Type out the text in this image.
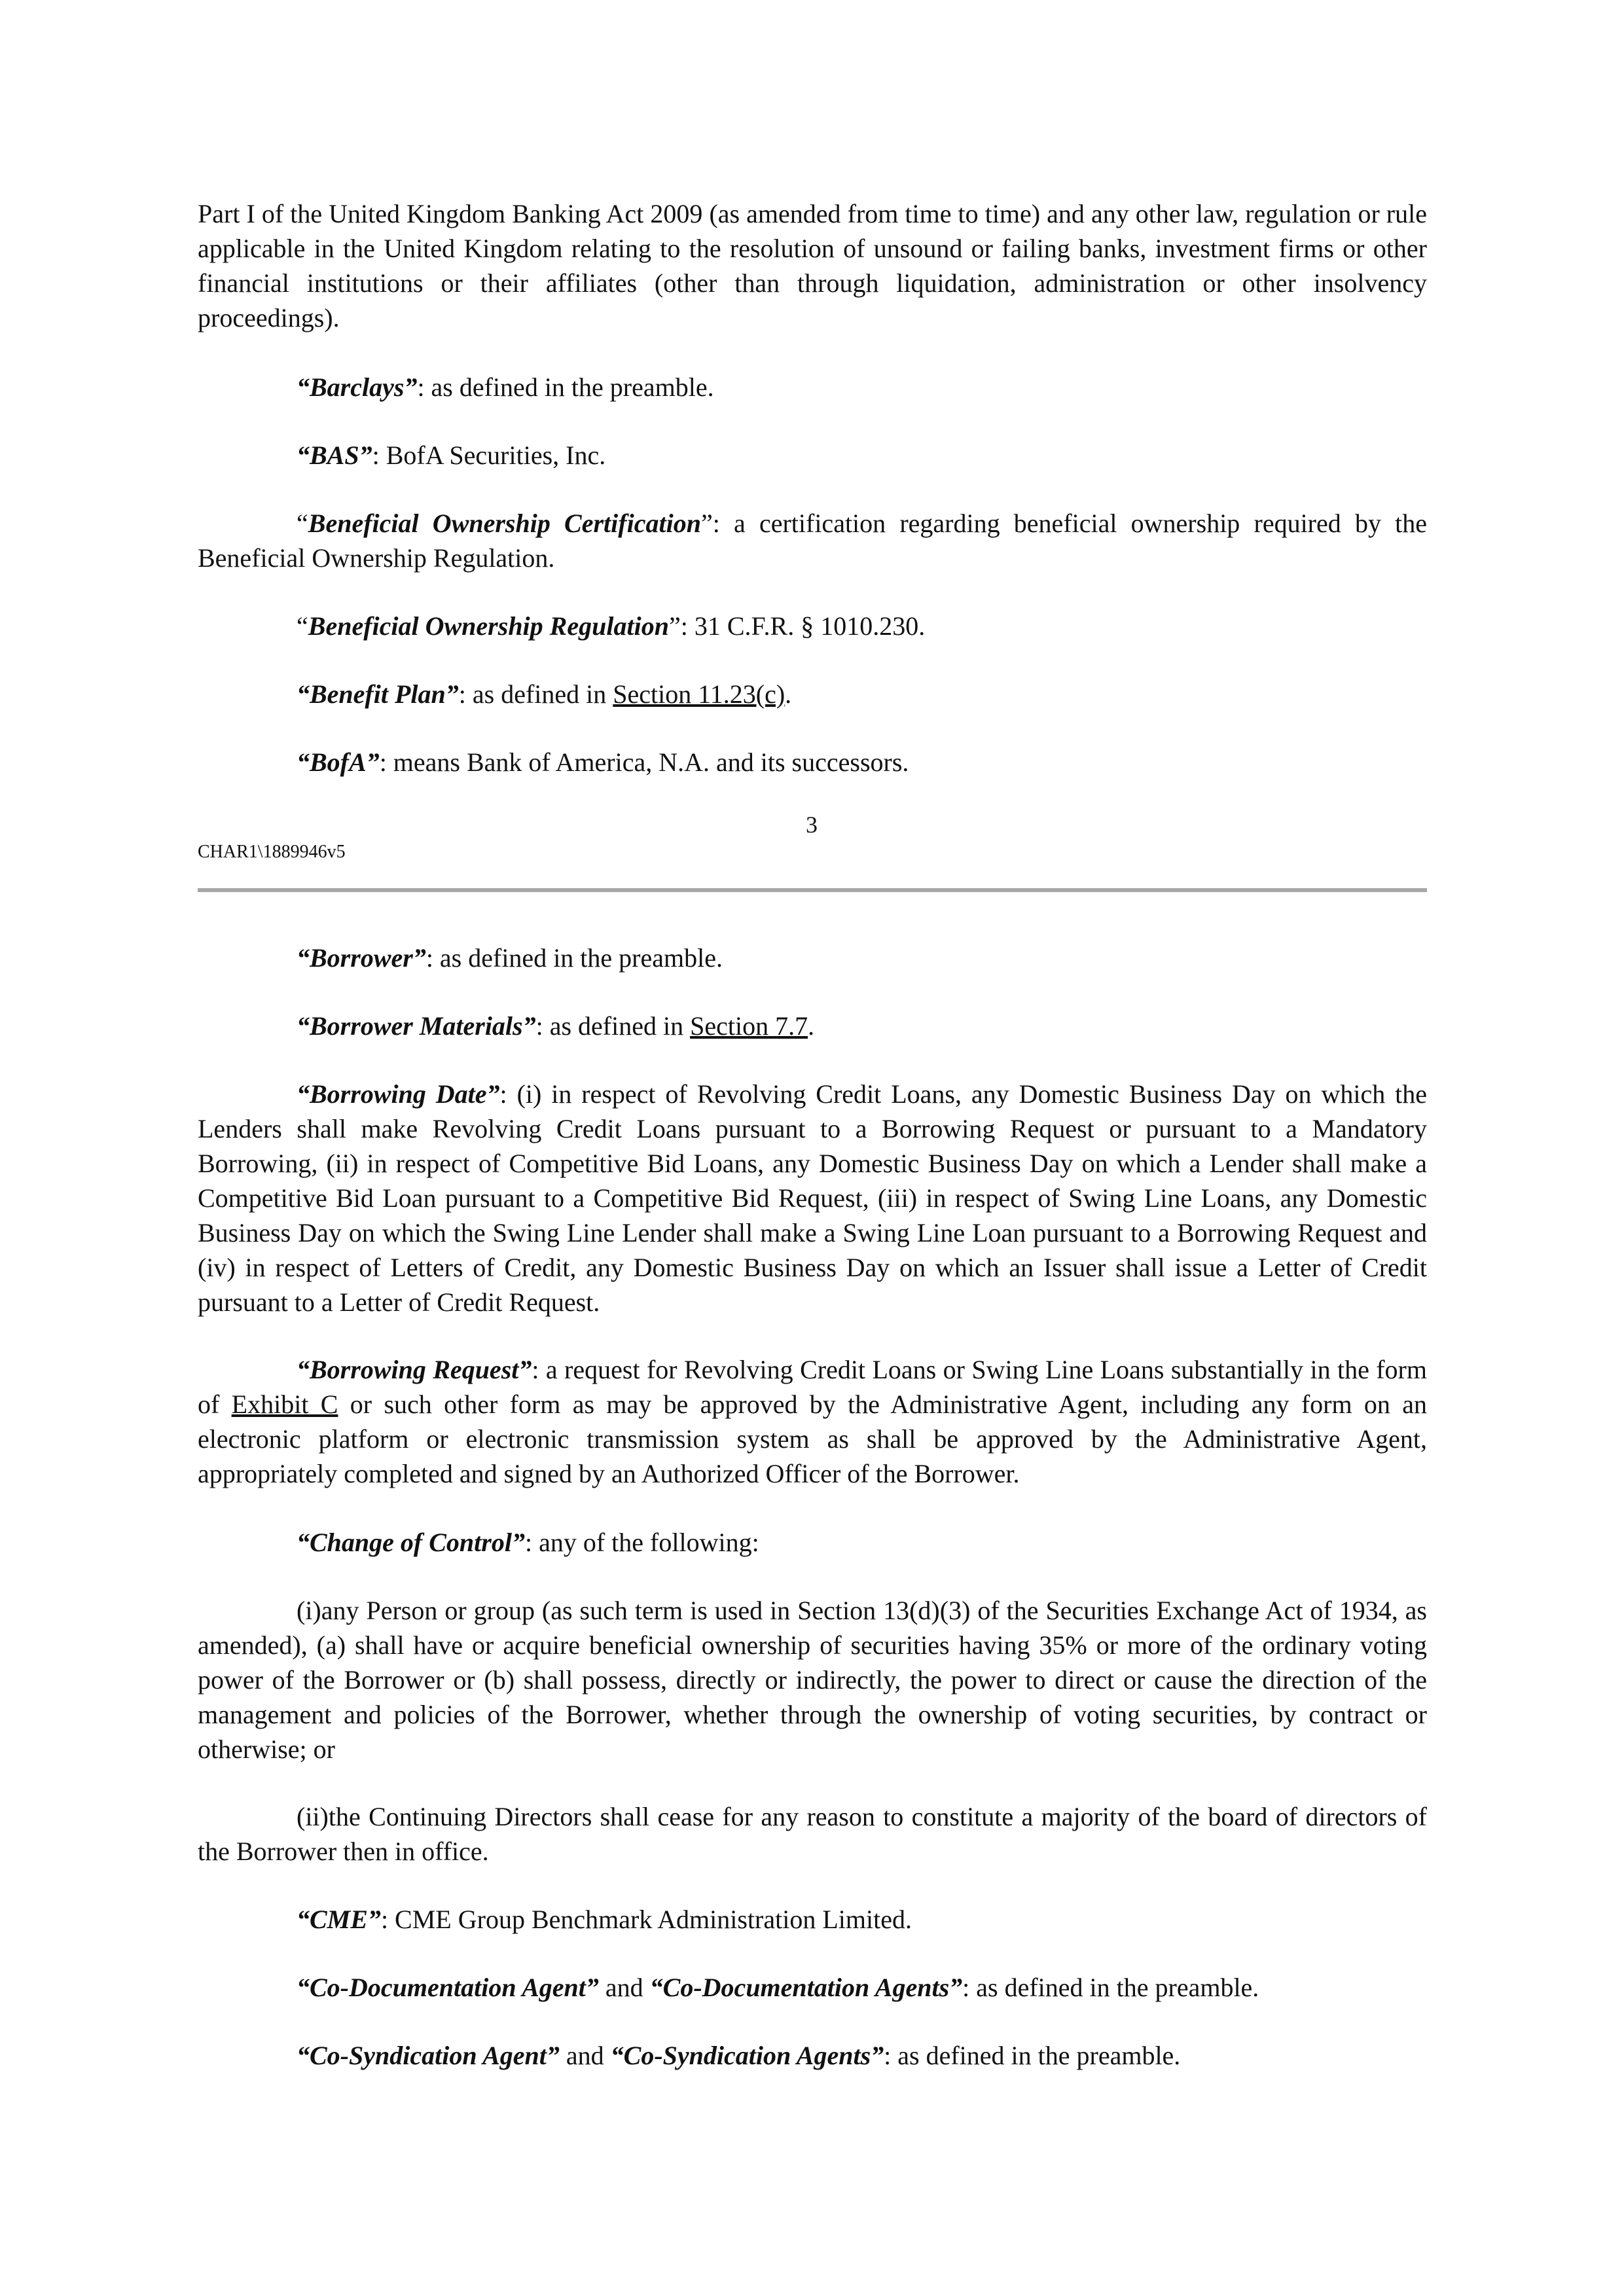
Part I of the United Kingdom Banking Act 2009 (as amended from time to time) and any other law, regulation or rule applicable in the United Kingdom relating to the resolution of unsound or failing banks, investment firms or other financial institutions or their affiliates (other than through liquidation, administration or other insolvency proceedings).
“Barclays”: as defined in the preamble.
“BAS”: BofA Securities, Inc.
“Beneficial Ownership Certification”: a certification regarding beneficial ownership required by the Beneficial Ownership Regulation.
“Beneficial Ownership Regulation”: 31 C.F.R. § 1010.230.
“Benefit Plan”: as defined in Section 11.23(c).
“BofA”: means Bank of America, N.A. and its successors.
3
CHAR1\1889946v5
“Borrower”: as defined in the preamble.
“Borrower Materials”: as defined in Section 7.7.
“Borrowing Date”: (i) in respect of Revolving Credit Loans, any Domestic Business Day on which the Lenders shall make Revolving Credit Loans pursuant to a Borrowing Request or pursuant to a Mandatory Borrowing, (ii) in respect of Competitive Bid Loans, any Domestic Business Day on which a Lender shall make a Competitive Bid Loan pursuant to a Competitive Bid Request, (iii) in respect of Swing Line Loans, any Domestic Business Day on which the Swing Line Lender shall make a Swing Line Loan pursuant to a Borrowing Request and (iv) in respect of Letters of Credit, any Domestic Business Day on which an Issuer shall issue a Letter of Credit pursuant to a Letter of Credit Request.
“Borrowing Request”: a request for Revolving Credit Loans or Swing Line Loans substantially in the form of Exhibit C or such other form as may be approved by the Administrative Agent, including any form on an electronic platform or electronic transmission system as shall be approved by the Administrative Agent, appropriately completed and signed by an Authorized Officer of the Borrower.
“Change of Control”: any of the following:
(i)any Person or group (as such term is used in Section 13(d)(3) of the Securities Exchange Act of 1934, as amended), (a) shall have or acquire beneficial ownership of securities having 35% or more of the ordinary voting power of the Borrower or (b) shall possess, directly or indirectly, the power to direct or cause the direction of the management and policies of the Borrower, whether through the ownership of voting securities, by contract or otherwise; or
(ii)the Continuing Directors shall cease for any reason to constitute a majority of the board of directors of the Borrower then in office.
“CME”: CME Group Benchmark Administration Limited.
“Co-Documentation Agent” and “Co-Documentation Agents”: as defined in the preamble.
“Co-Syndication Agent” and “Co-Syndication Agents”: as defined in the preamble.
